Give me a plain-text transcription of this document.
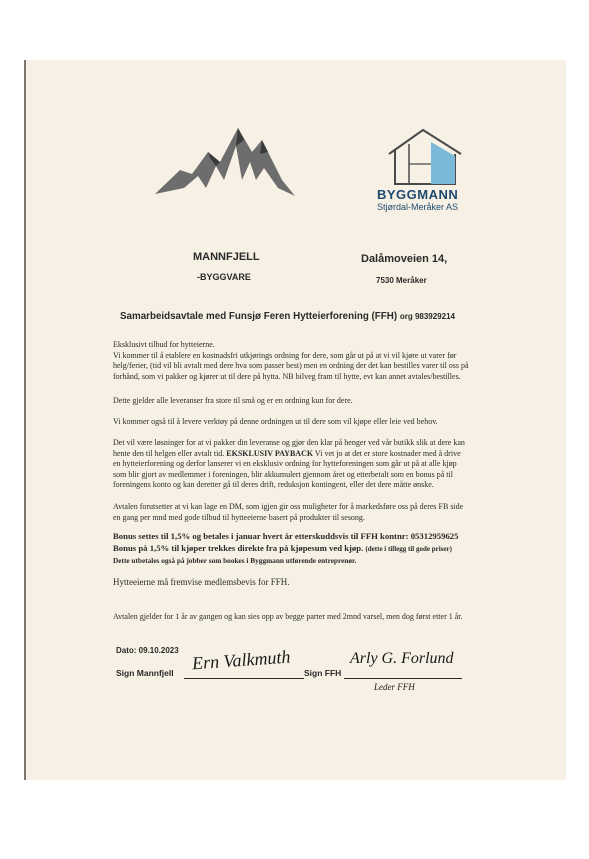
BYGGMANN
Stjørdal-Meråker AS
MANNFJELL
-BYGGVARE
Dalåmoveien 14,
7530 Meråker
Samarbeidsavtale med Funsjø Feren Hytteierforening (FFH) org 983929214
Eksklusivt tilbud for hytteierne.
Vi kommer til å etablere en kostnadsfri utkjørings ordning for dere, som går ut på at vi vil kjøre ut varer før
helg/ferier, (tid vil bli avtalt med dere hva som passer best) men en ordning der det kan bestilles varer til oss på
forhånd, som vi pakker og kjører ut til dere på hytta. NB bilveg fram til hytte, evt kan annet avtales/bestilles.
Dette gjelder alle leveranser fra store til små og er en ordning kun for dere.
Vi kommer også til å levere verktøy på denne ordningen ut til dere som vil kjøpe eller leie ved behov.
Det vil være løsninger for at vi pakker din leveranse og gjør den klar på henger ved vår butikk slik at dere kan
hente den til helgen eller avtalt tid. EKSKLUSIV PAYBACK Vi vet jo at det er store kostnader med å drive
en hytteierforening og derfor lanserer vi en eksklusiv ordning for hytteforeningen som går ut på at alle kjøp
som blir gjort av medlemmer i foreningen, blir akkumulert gjennom året og etterbetalt som en bonus på til
foreningens konto og kan deretter gå til deres drift, reduksjon kontingent, eller det dere måtte ønske.
Avtalen forutsetter at vi kan lage en DM, som igjen gir oss muligheter for å markedsføre oss på deres FB side
en gang per mnd med gode tilbud til hytteeierne basert på produkter til sesong.
Bonus settes til 1,5% og betales i januar hvert år etterskuddsvis til FFH kontnr: 05312959625
Bonus på 1,5% til kjøper trekkes direkte fra på kjøpesum ved kjøp. (dette i tillegg til gode priser)
Dette utbetales også på jobber som bookes i Byggmann utførende entreprenør.
Hytteeierne må fremvise medlemsbevis for FFH.
Avtalen gjelder for 1 år av gangen og kan sies opp av begge parter med 2mnd varsel, men dog først etter 1 år.
Dato: 09.10.2023
Sign Mannfjell Ern Valkmuth Sign FFH
Arly G. Forlund
Leder FFH
